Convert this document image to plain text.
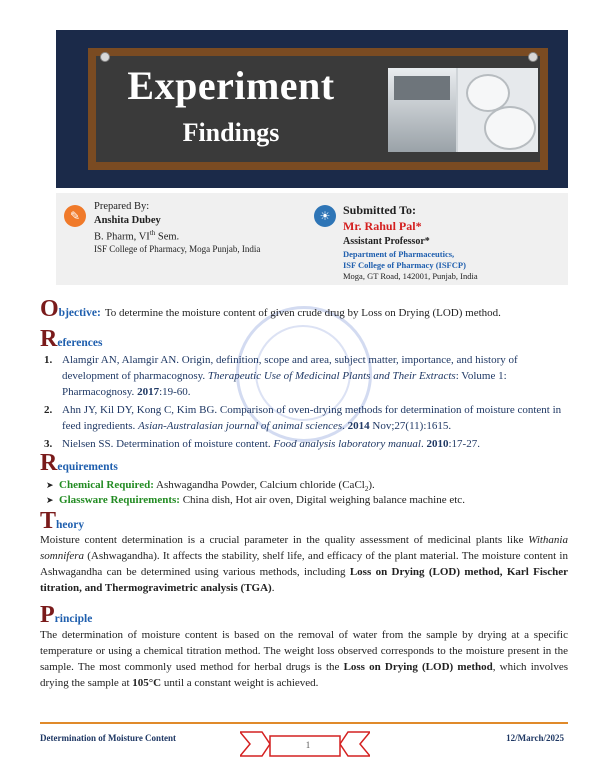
Experiment
Findings
✎
Prepared By:
Anshita Dubey
B. Pharm, VIth Sem.
ISF College of Pharmacy, Moga Punjab, India
☀	Submitted To:
Mr. Rahul Pal*
Assistant Professor*
Department of Pharmaceutics,
ISF College of Pharmacy (ISFCP)
Moga, GT Road, 142001, Punjab, India
Objective: To determine the moisture content of given crude drug by Loss on Drying (LOD) method.
References
1. Alamgir AN, Alamgir AN. Origin, definition, scope and area, subject matter, importance, and history of development of pharmacognosy. Therapeutic Use of Medicinal Plants and Their Extracts: Volume 1: Pharmacognosy. 2017:19-60.
2. Ahn JY, Kil DY, Kong C, Kim BG. Comparison of oven-drying methods for determination of moisture content in feed ingredients. Asian-Australasian journal of animal sciences. 2014 Nov;27(11):1615.
3. Nielsen SS. Determination of moisture content. Food analysis laboratory manual. 2010:17-27.
Requirements
➤ Chemical Required: Ashwagandha Powder, Calcium chloride (CaCl$_2$).
➤ Glassware Requirements: China dish, Hot air oven, Digital weighing balance machine etc.
Theory
Moisture content determination is a crucial parameter in the quality assessment of medicinal plants like Withania somnifera (Ashwagandha). It affects the stability, shelf life, and efficacy of the plant material. The moisture content in Ashwagandha can be determined using various methods, including Loss on Drying (LOD) method, Karl Fischer titration, and Thermogravimetric analysis (TGA).
Principle
The determination of moisture content is based on the removal of water from the sample by drying at a specific temperature or using a chemical titration method. The weight loss observed corresponds to the moisture present in the sample. The most commonly used method for herbal drugs is the Loss on Drying (LOD) method, which involves drying the sample at 105°C until a constant weight is achieved.
Determination of Moisture Content
1
12/March/2025
